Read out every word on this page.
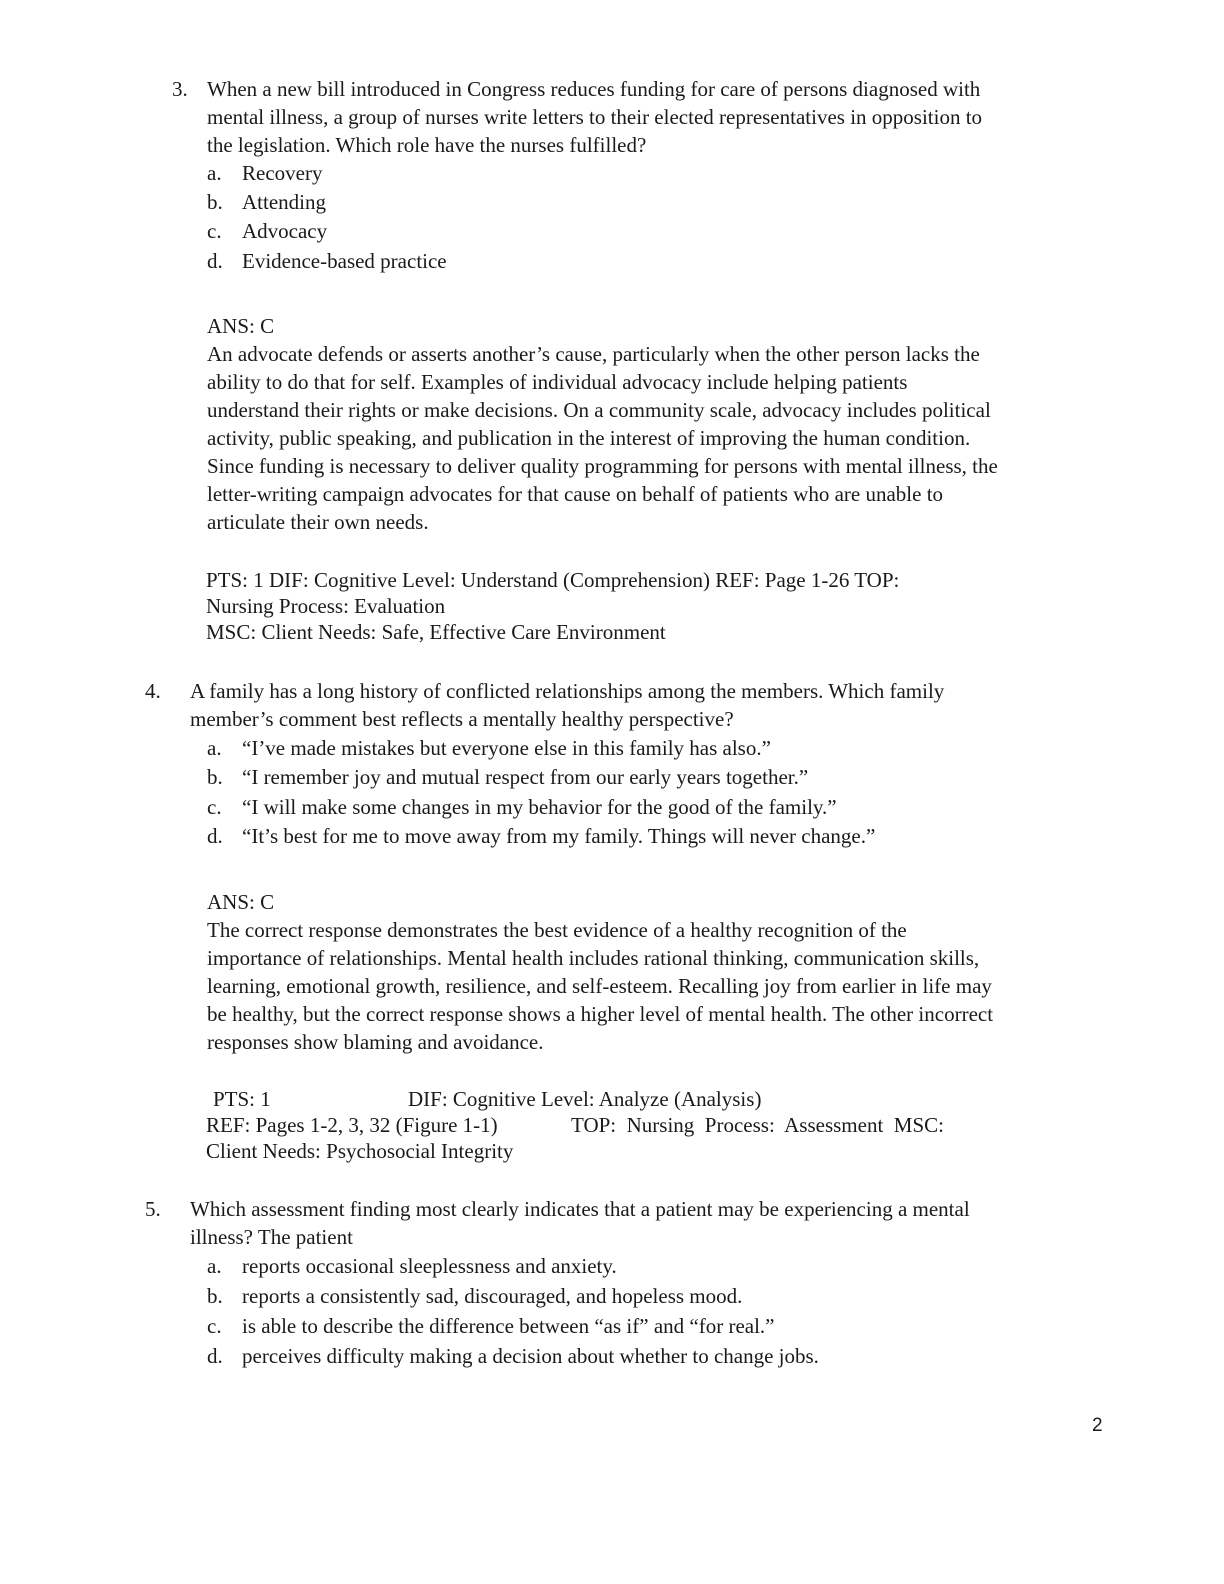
3. When a new bill introduced in Congress reduces funding for care of persons diagnosed with
mental illness, a group of nurses write letters to their elected representatives in opposition to
the legislation. Which role have the nurses fulfilled?
a. Recovery
b. Attending
c. Advocacy
d. Evidence-based practice
ANS: C
An advocate defends or asserts another’s cause, particularly when the other person lacks the
ability to do that for self. Examples of individual advocacy include helping patients
understand their rights or make decisions. On a community scale, advocacy includes political
activity, public speaking, and publication in the interest of improving the human condition.
Since funding is necessary to deliver quality programming for persons with mental illness, the
letter-writing campaign advocates for that cause on behalf of patients who are unable to
articulate their own needs.
PTS: 1 DIF: Cognitive Level: Understand (Comprehension) REF: Page 1-26 TOP:
Nursing Process: Evaluation
MSC: Client Needs: Safe, Effective Care Environment
4. A family has a long history of conflicted relationships among the members. Which family
member’s comment best reflects a mentally healthy perspective?
a. “I’ve made mistakes but everyone else in this family has also.”
b. “I remember joy and mutual respect from our early years together.”
c. “I will make some changes in my behavior for the good of the family.”
d. “It’s best for me to move away from my family. Things will never change.”
ANS: C
The correct response demonstrates the best evidence of a healthy recognition of the
importance of relationships. Mental health includes rational thinking, communication skills,
learning, emotional growth, resilience, and self-esteem. Recalling joy from earlier in life may
be healthy, but the correct response shows a higher level of mental health. The other incorrect
responses show blaming and avoidance.
PTS: 1	DIF: Cognitive Level: Analyze (Analysis)
REF: Pages 1-2, 3, 32 (Figure 1-1)	TOP:  Nursing  Process:  Assessment  MSC:
Client Needs: Psychosocial Integrity
5. Which assessment finding most clearly indicates that a patient may be experiencing a mental
illness? The patient
a. reports occasional sleeplessness and anxiety.
b. reports a consistently sad, discouraged, and hopeless mood.
c. is able to describe the difference between “as if” and “for real.”
d. perceives difficulty making a decision about whether to change jobs.
2
